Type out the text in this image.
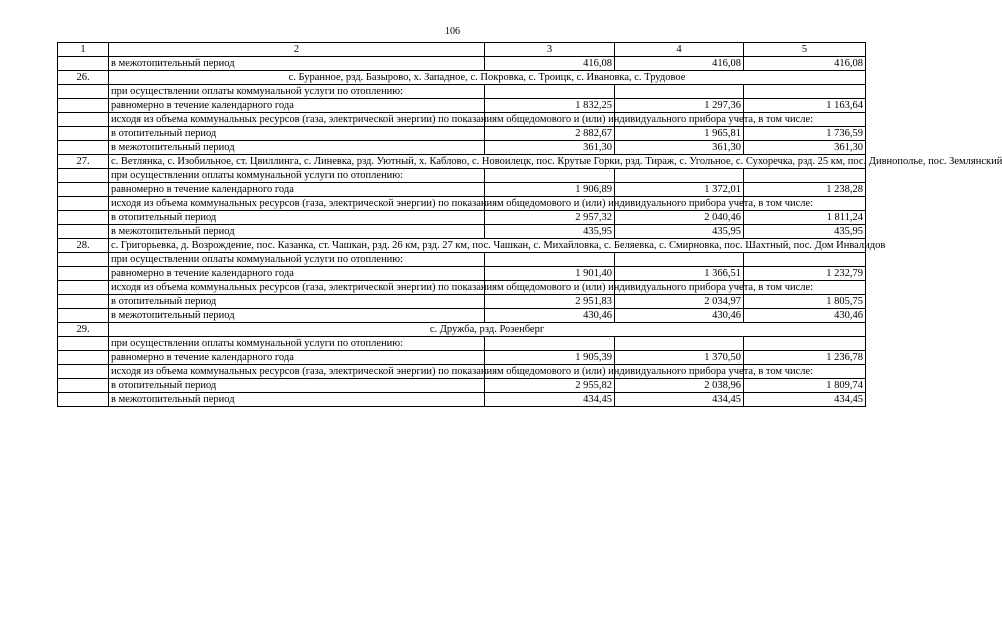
106
1	2	3	4	5
	в межотопительный период	416,08	416,08	416,08
26.	с. Буранное, рзд. Базырово, х. Западное, с. Покровка, с. Троицк, с. Ивановка, с. Трудовое			
	при осуществлении оплаты коммунальной услуги по отоплению:			
	равномерно в течение календарного года	1 832,25	1 297,36	1 163,64
	исходя из объема коммунальных ресурсов (газа, электрической энергии) по показаниям общедомового и (или) индивидуального прибора учета, в том числе:			
	в отопительный период	2 882,67	1 965,81	1 736,59
	в межотопительный период	361,30	361,30	361,30
27.	с. Ветлянка, с. Изобильное, ст. Цвиллинга, с. Линевка, рзд. Уютный, х. Каблово, с. Новоилецк, пос. Крутые Горки, рзд. Тираж, с. Угольное, с. Сухоречка, рзд. 25 км, пос. Дивнополье, пос. Землянский			
	при осуществлении оплаты коммунальной услуги по отоплению:			
	равномерно в течение календарного года	1 906,89	1 372,01	1 238,28
	исходя из объема коммунальных ресурсов (газа, электрической энергии) по показаниям общедомового и (или) индивидуального прибора учета, в том числе:			
	в отопительный период	2 957,32	2 040,46	1 811,24
	в межотопительный период	435,95	435,95	435,95
28.	с. Григорьевка, д. Возрождение, пос. Казанка, ст. Чашкан, рзд. 26 км, рзд. 27 км, пос. Чашкан, с. Михайловка, с. Беляевка, с. Смирновка, пос. Шахтный, пос. Дом Инвалидов			
	при осуществлении оплаты коммунальной услуги по отоплению:			
	равномерно в течение календарного года	1 901,40	1 366,51	1 232,79
	исходя из объема коммунальных ресурсов (газа, электрической энергии) по показаниям общедомового и (или) индивидуального прибора учета, в том числе:			
	в отопительный период	2 951,83	2 034,97	1 805,75
	в межотопительный период	430,46	430,46	430,46
29.	с. Дружба, рзд. Розенберг			
	при осуществлении оплаты коммунальной услуги по отоплению:			
	равномерно в течение календарного года	1 905,39	1 370,50	1 236,78
	исходя из объема коммунальных ресурсов (газа, электрической энергии) по показаниям общедомового и (или) индивидуального прибора учета, в том числе:			
	в отопительный период	2 955,82	2 038,96	1 809,74
	в межотопительный период	434,45	434,45	434,45
